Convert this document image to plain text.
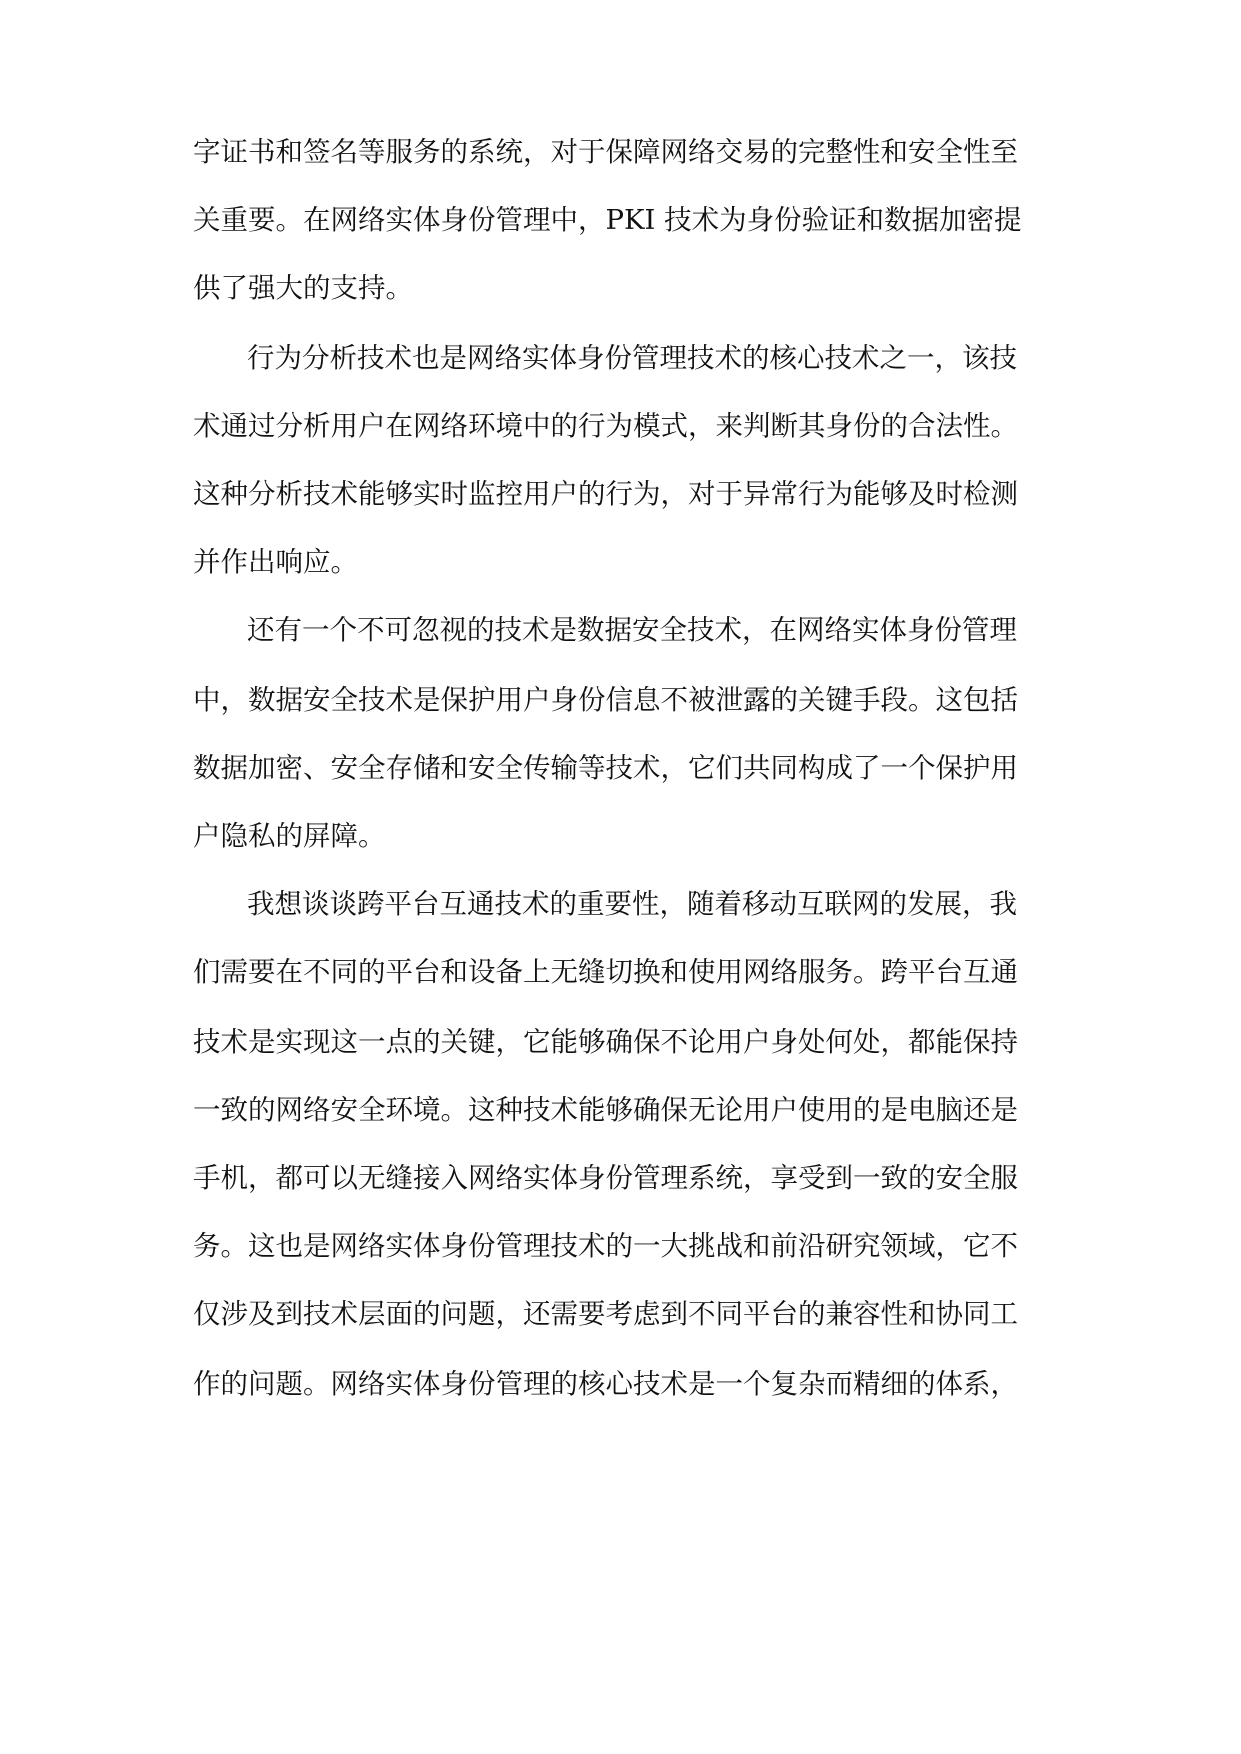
字证书和签名等服务的系统，对于保障网络交易的完整性和安全性至
关重要。在网络实体身份管理中，PKI 技术为身份验证和数据加密提
供了强大的支持。
行为分析技术也是网络实体身份管理技术的核心技术之一，该技
术通过分析用户在网络环境中的行为模式，来判断其身份的合法性。
这种分析技术能够实时监控用户的行为，对于异常行为能够及时检测
并作出响应。
还有一个不可忽视的技术是数据安全技术，在网络实体身份管理
中，数据安全技术是保护用户身份信息不被泄露的关键手段。这包括
数据加密、安全存储和安全传输等技术，它们共同构成了一个保护用
户隐私的屏障。
我想谈谈跨平台互通技术的重要性，随着移动互联网的发展，我
们需要在不同的平台和设备上无缝切换和使用网络服务。跨平台互通
技术是实现这一点的关键，它能够确保不论用户身处何处，都能保持
一致的网络安全环境。这种技术能够确保无论用户使用的是电脑还是
手机，都可以无缝接入网络实体身份管理系统，享受到一致的安全服
务。这也是网络实体身份管理技术的一大挑战和前沿研究领域，它不
仅涉及到技术层面的问题，还需要考虑到不同平台的兼容性和协同工
作的问题。网络实体身份管理的核心技术是一个复杂而精细的体系，
